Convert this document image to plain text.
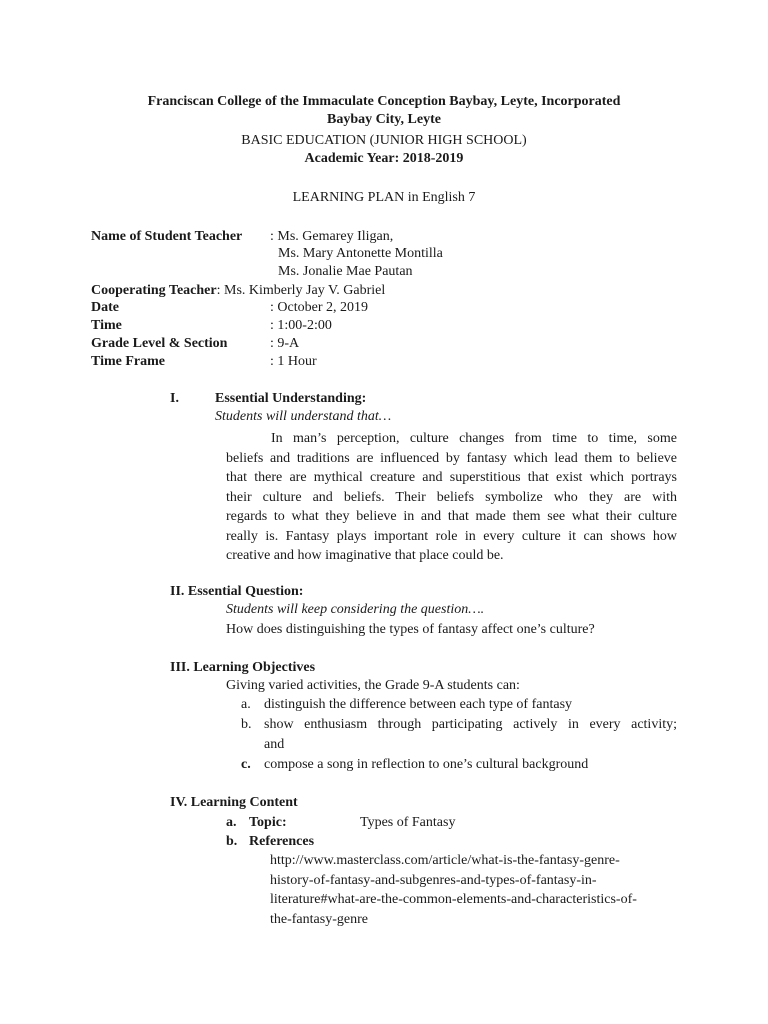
Franciscan College of the Immaculate Conception Baybay, Leyte, Incorporated
Baybay City, Leyte
BASIC EDUCATION (JUNIOR HIGH SCHOOL)
Academic Year: 2018-2019
LEARNING PLAN in English 7
Name of Student Teacher : Ms. Gemarey Iligan,
Ms. Mary Antonette Montilla
Ms. Jonalie Mae Pautan
Cooperating Teacher: Ms. Kimberly Jay V. Gabriel
Date	: October 2, 2019
Time	: 1:00-2:00
Grade Level & Section	: 9-A
Time Frame	: 1 Hour
I.	Essential Understanding:
Students will understand that…
In man’s perception, culture changes from time to time, some
beliefs and traditions are influenced by fantasy which lead them to believe
that there are mythical creature and superstitious that exist which portrays
their culture and beliefs. Their beliefs symbolize who they are with
regards to what they believe in and that made them see what their culture
really is. Fantasy plays important role in every culture it can shows how
creative and how imaginative that place could be.
II. Essential Question:
Students will keep considering the question….
How does distinguishing the types of fantasy affect one’s culture?
III. Learning Objectives
Giving varied activities, the Grade 9-A students can:
a. distinguish the difference between each type of fantasy
b. show enthusiasm through participating actively in every activity;
and
c. compose a song in reflection to one’s cultural background
IV. Learning Content
a. Topic:	Types of Fantasy
b. References
http://www.masterclass.com/article/what-is-the-fantasy-genre-
history-of-fantasy-and-subgenres-and-types-of-fantasy-in-
literature#what-are-the-common-elements-and-characteristics-of-
the-fantasy-genre
